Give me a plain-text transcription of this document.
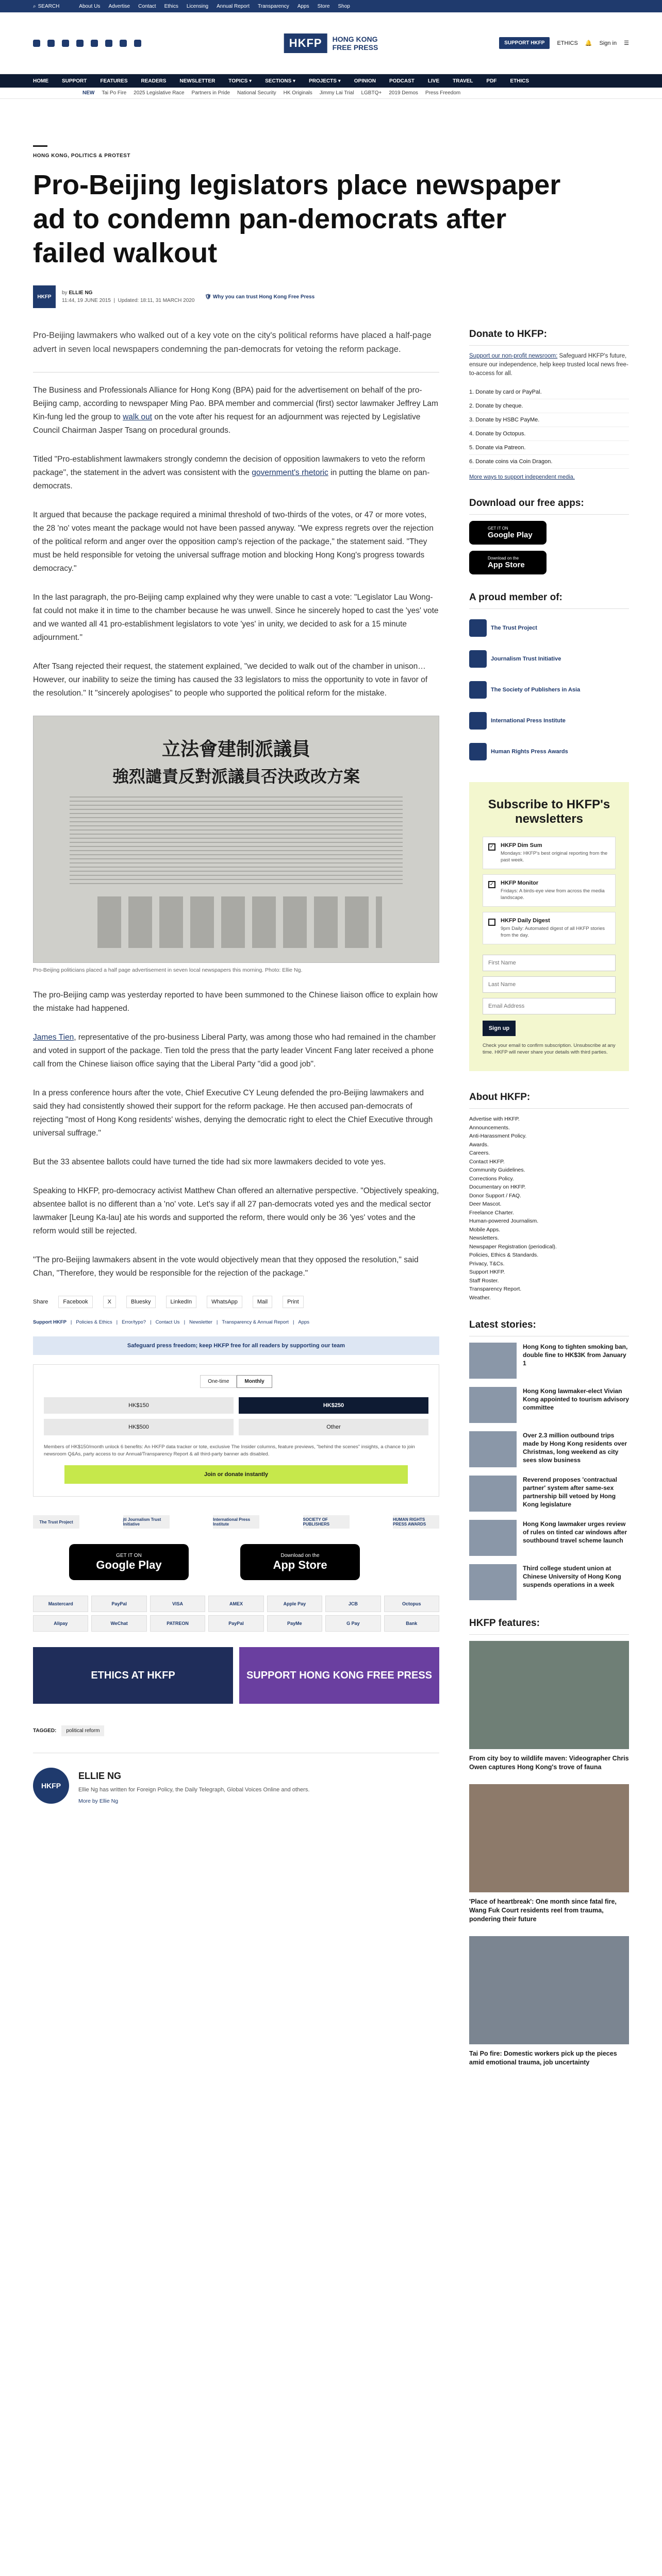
⌕ SEARCH	About Us Advertise Contact Ethics Licensing Annual Report Transparency Apps Store Shop
HKFP	HONG KONG
FREE PRESS	SUPPORT HKFP	ETHICS 🔔 Sign in ☰
HOME	SUPPORT	FEATURES	READERS	NEWSLETTER	TOPICS ▾	SECTIONS ▾	PROJECTS ▾	OPINION	PODCAST	LIVE	TRAVEL	PDF	ETHICS
NEW Tai Po Fire 2025 Legislative Race Partners in Pride National Security HK Originals Jimmy Lai Trial LGBTQ+ 2019 Demos Press Freedom
HONG KONG, POLITICS & PROTEST
Pro-Beijing legislators place newspaper ad to condemn pan-democrats after failed walkout
HKFP
by ELLIE NG
11:44, 19 JUNE 2015  |  Updated: 18:11, 31 MARCH 2020
🛡 Why you can trust Hong Kong Free Press

Pro-Beijing lawmakers who walked out of a key vote on the city's political reforms have placed a half-page advert in seven local newspapers condemning the pan-democrats for vetoing the reform package.

The Business and Professionals Alliance for Hong Kong (BPA) paid for the advertisement on behalf of the pro-Beijing camp, according to newspaper Ming Pao. BPA member and commercial (first) sector lawmaker Jeffrey Lam Kin-fung led the group to walk out on the vote after his request for an adjournment was rejected by Legislative Council Chairman Jasper Tsang on procedural grounds.

Titled "Pro-establishment lawmakers strongly condemn the decision of opposition lawmakers to veto the reform package", the statement in the advert was consistent with the government's rhetoric in putting the blame on pan-democrats.

It argued that because the package required a minimal threshold of two-thirds of the votes, or 47 or more votes, the 28 'no' votes meant the package would not have been passed anyway. "We express regrets over the rejection of the political reform and anger over the opposition camp's rejection of the package," the statement said. "They must be held responsible for vetoing the universal suffrage motion and blocking Hong Kong's progress towards democracy."

In the last paragraph, the pro-Beijing camp explained why they were unable to cast a vote: "Legislator Lau Wong-fat could not make it in time to the chamber because he was unwell. Since he sincerely hoped to cast the 'yes' vote and we wanted all 41 pro-establishment legislators to vote 'yes' in unity, we decided to ask for a 15 minute adjournment."

After Tsang rejected their request, the statement explained, "we decided to walk out of the chamber in unison… However, our inability to seize the timing has caused the 33 legislators to miss the opportunity to vote in favor of the resolution." It "sincerely apologises" to people who supported the political reform for the mistake.

立法會建制派議員
強烈譴責反對派議員否決政改方案
Pro-Beijing politicians placed a half page advertisement in seven local newspapers this morning. Photo: Ellie Ng.

The pro-Beijing camp was yesterday reported to have been summoned to the Chinese liaison office to explain how the mistake had happened.

James Tien, representative of the pro-business Liberal Party, was among those who had remained in the chamber and voted in support of the package. Tien told the press that the party leader Vincent Fang later received a phone call from the Chinese liaison office saying that the Liberal Party "did a good job".

In a press conference hours after the vote, Chief Executive CY Leung defended the pro-Beijing lawmakers and said they had consistently showed their support for the reform package. He then accused pan-democrats of rejecting "most of Hong Kong residents' wishes, denying the democratic right to elect the Chief Executive through universal suffrage."

But the 33 absentee ballots could have turned the tide had six more lawmakers decided to vote yes.

Speaking to HKFP, pro-democracy activist Matthew Chan offered an alternative perspective. "Objectively speaking, absentee ballot is no different than a 'no' vote. Let's say if all 27 pan-democrats voted yes and the medical sector lawmaker [Leung Ka-lau] ate his words and supported the reform, there would only be 36 'yes' votes and the reform would still be rejected.

"The pro-Beijing lawmakers absent in the vote would objectively mean that they opposed the resolution," said Chan, "Therefore, they would be responsible for the rejection of the package."

Share	Facebook	X	Bluesky	LinkedIn	WhatsApp	Mail	Print
Support HKFP | Policies & Ethics | Error/typo? | Contact Us | Newsletter | Transparency & Annual Report | Apps
Safeguard press freedom; keep HKFP free for all readers by supporting our team
One-time	Monthly
HK$150	HK$250
HK$500	Other
Members of HK$150/month unlock 6 benefits: An HKFP data tracker or tote, exclusive The Insider columns, feature previews, "behind the scenes" insights, a chance to join newsroom Q&As, party access to our Annual/Transparency Report & all third-party banner ads disabled.
Join or donate instantly
The Trust Project	jti Journalism Trust Initiative
International Press Institute
SOCIETY OF PUBLISHERS
HUMAN RIGHTS PRESS AWARDS
GET IT ON
Google Play
Download on the
App Store
Mastercard	PayPal	VISA	AMEX	Apple Pay	JCB	Octopus
Alipay	WeChat	PATREON	PayPal	PayMe	G Pay	Bank
ETHICS AT HKFP	SUPPORT HONG KONG FREE PRESS
TAGGED:	political reform
HKFP
ELLIE NG
Ellie Ng has written for Foreign Policy, the Daily Telegraph, Global Voices Online and others.
More by Ellie Ng
Donate to HKFP:
Support our non-profit newsroom: Safeguard HKFP's future, ensure our independence, help keep trusted local news free-to-access for all.
1. Donate by card or PayPal.
2. Donate by cheque.
3. Donate by HSBC PayMe.
4. Donate by Octopus.
5. Donate via Patreon.
6. Donate coins via Coin Dragon.
More ways to support independent media.
Download our free apps:
GET IT ON
Google Play
Download on the
App Store
A proud member of:
The Trust Project
Journalism Trust Initiative
The Society of Publishers in Asia
International Press Institute
Human Rights Press Awards
Subscribe to HKFP's newsletters
✓ HKFP Dim Sum
Mondays: HKFP's best original reporting from the past week.
✓ HKFP Monitor
Fridays: A birds-eye view from across the media landscape.
HKFP Daily Digest
9pm Daily: Automated digest of all HKFP stories from the day.
First Name Last Name Email Address
Sign up
Check your email to confirm subscription. Unsubscribe at any time. HKFP will never share your details with third parties.
About HKFP:
Advertise with HKFP.
Announcements.
Anti-Harassment Policy.
Awards.
Careers.
Contact HKFP.
Community Guidelines.
Corrections Policy.
Documentary on HKFP.
Donor Support / FAQ.
Deer Mascot.
Freelance Charter.
Human-powered Journalism.
Mobile Apps.
Newsletters.
Newspaper Registration (periodical).
Policies, Ethics & Standards.
Privacy, T&Cs.
Support HKFP.
Staff Roster.
Transparency Report.
Weather.
Latest stories:
Hong Kong to tighten smoking ban, double fine to HK$3K from January 1
Hong Kong lawmaker-elect Vivian Kong appointed to tourism advisory committee
Over 2.3 million outbound trips made by Hong Kong residents over Christmas, long weekend as city sees slow business
Reverend proposes 'contractual partner' system after same-sex partnership bill vetoed by Hong Kong legislature
Hong Kong lawmaker urges review of rules on tinted car windows after southbound travel scheme launch
Third college student union at Chinese University of Hong Kong suspends operations in a week
HKFP features:
From city boy to wildlife maven: Videographer Chris Owen captures Hong Kong's trove of fauna
'Place of heartbreak': One month since fatal fire, Wang Fuk Court residents reel from trauma, pondering their future
Tai Po fire: Domestic workers pick up the pieces amid emotional trauma, job uncertainty
